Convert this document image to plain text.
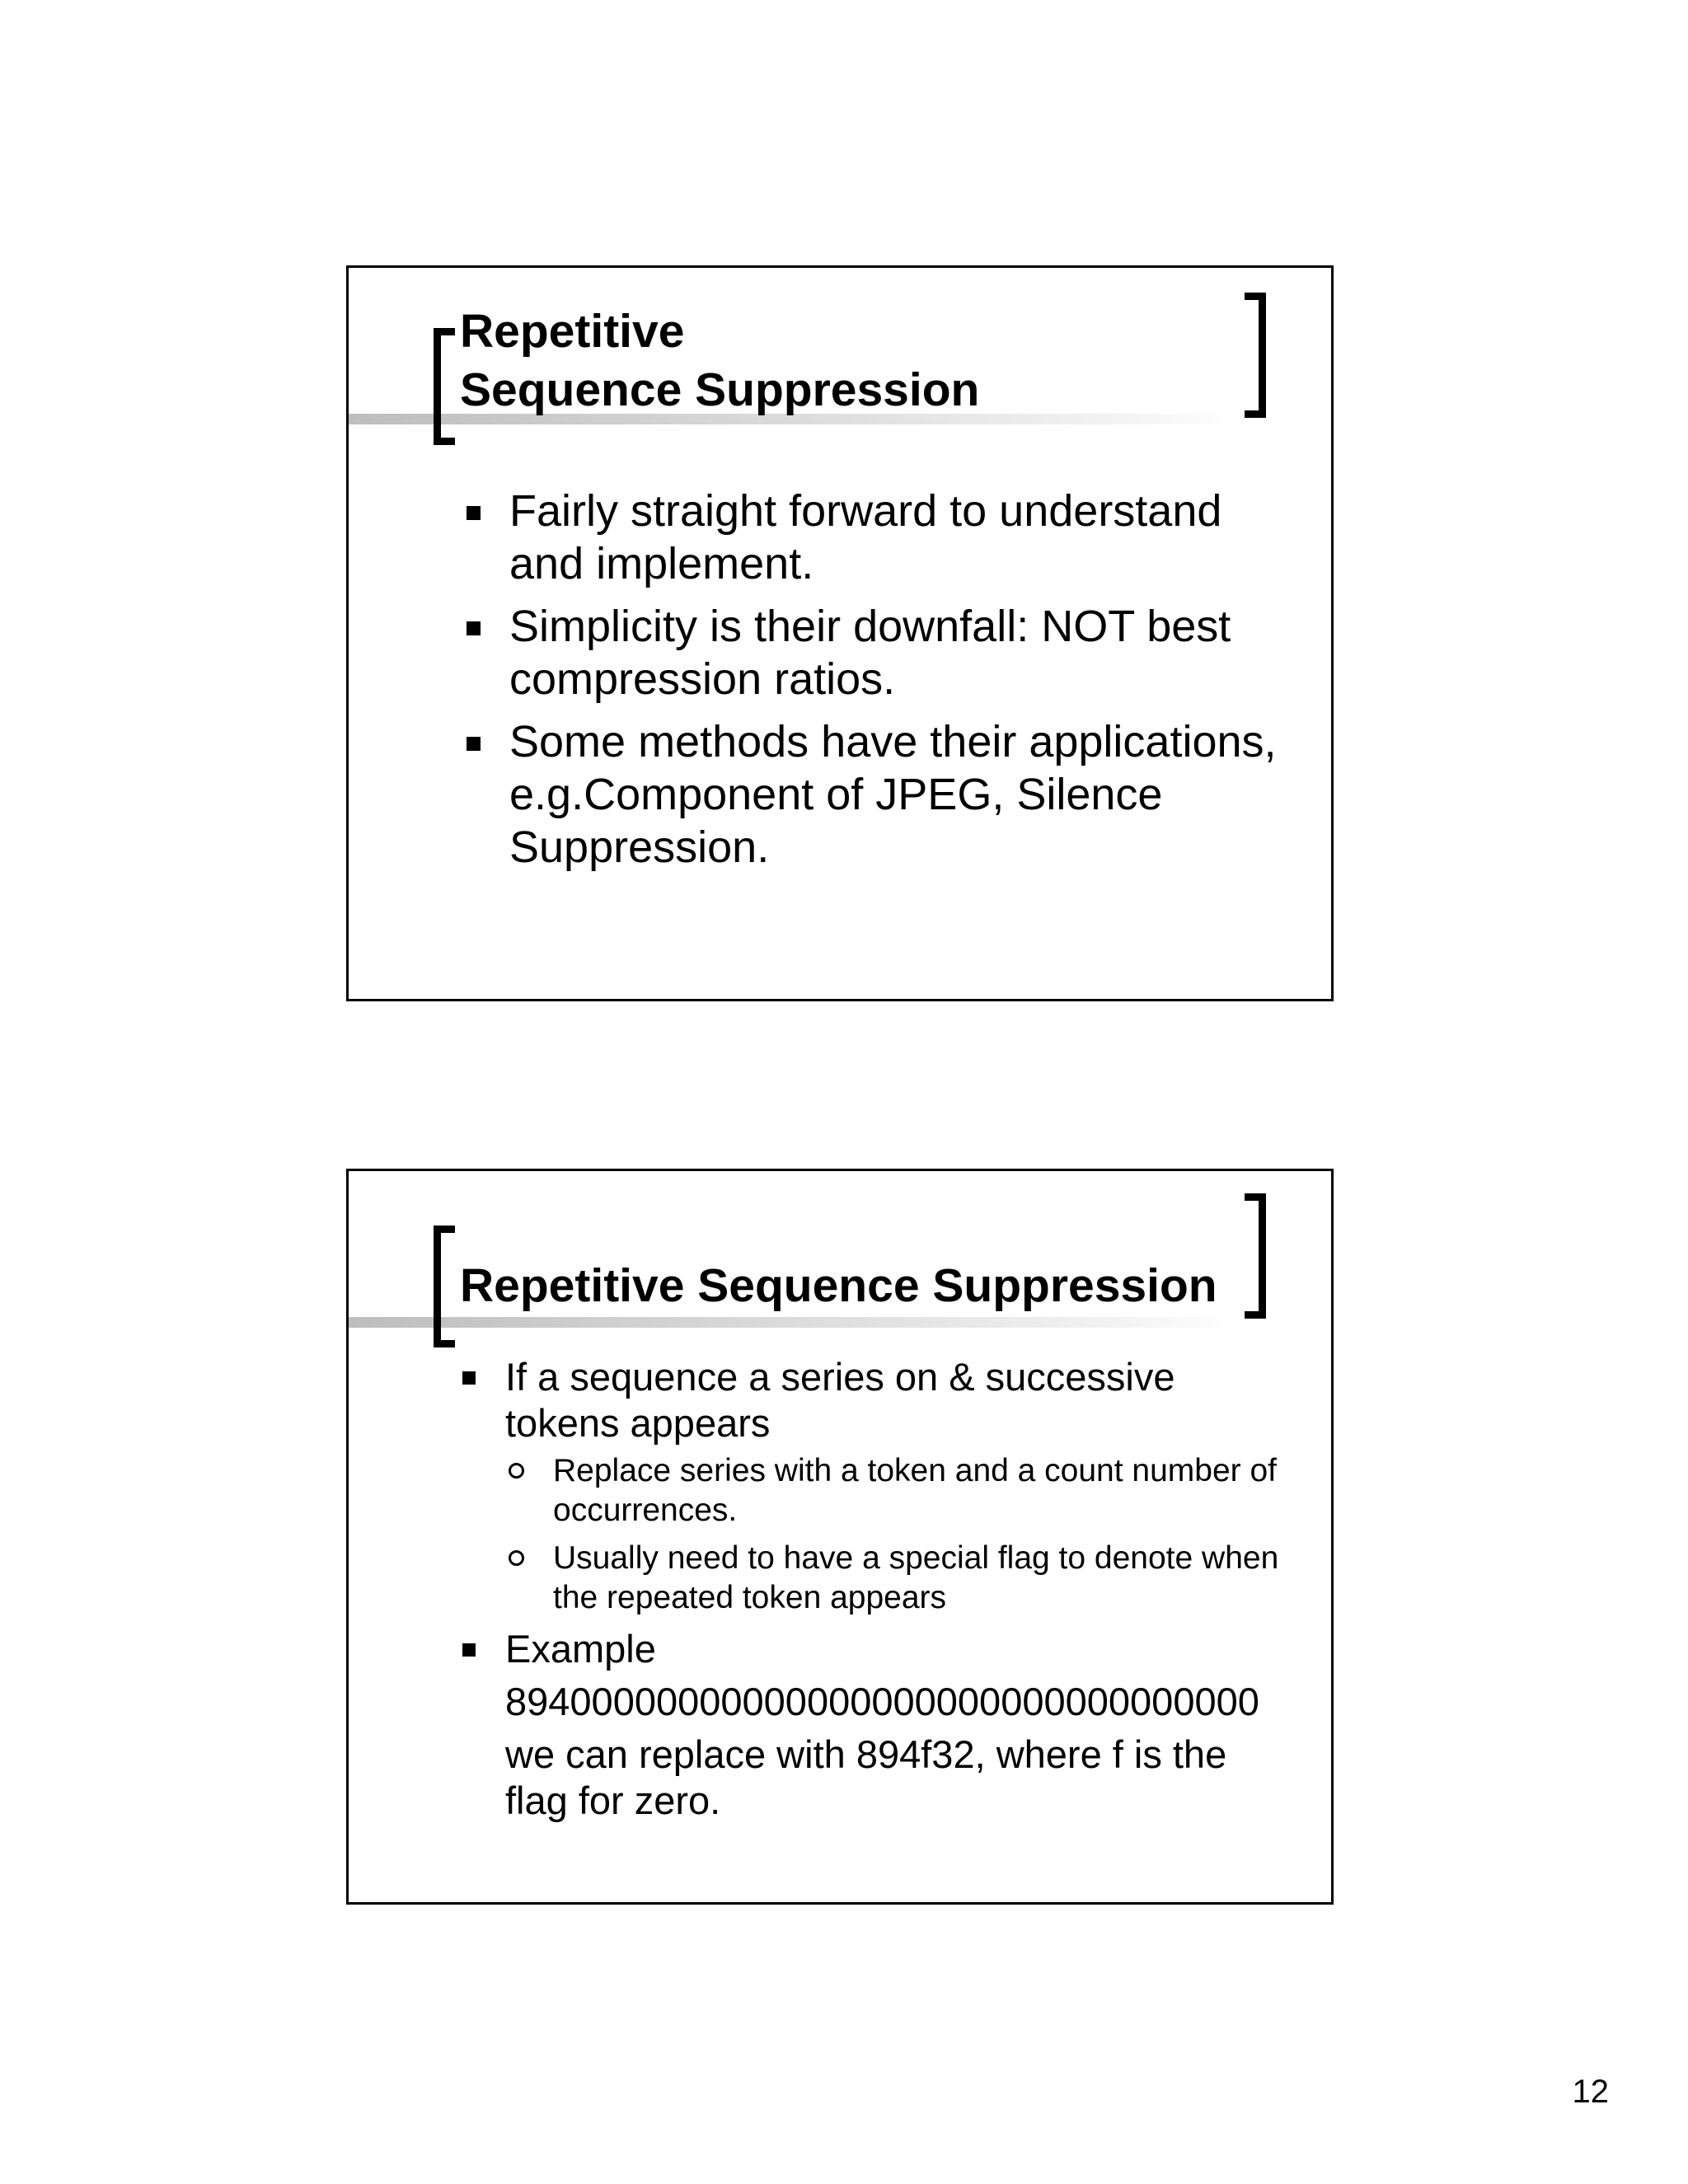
Repetitive
Sequence Suppression
Fairly straight forward to understand and implement.
Simplicity is their downfall: NOT best compression ratios.
Some methods have their applications, e.g.Component of JPEG, Silence Suppression.
Repetitive Sequence Suppression
If a sequence a series on & successive tokens appears
Replace series with a token and a count number of occurrences.
Usually need to have a special flag to denote when the repeated token appears
Example
89400000000000000000000000000000000
we can replace with 894f32, where f is the flag for zero.
12
